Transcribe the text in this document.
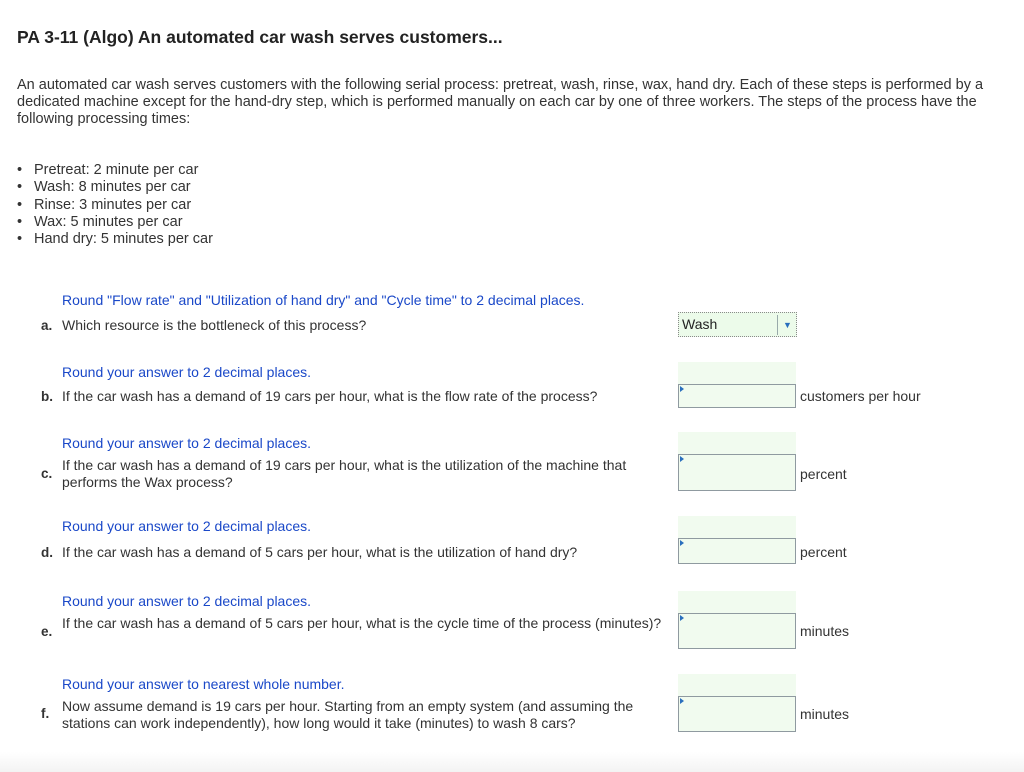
PA 3-11 (Algo) An automated car wash serves customers...
An automated car wash serves customers with the following serial process: pretreat, wash, rinse, wax, hand dry. Each of these steps is performed by a dedicated machine except for the hand-dry step, which is performed manually on each car by one of three workers. The steps of the process have the following processing times:
• Pretreat: 2 minute per car
• Wash: 8 minutes per car
• Rinse: 3 minutes per car
• Wax: 5 minutes per car
• Hand dry: 5 minutes per car
Round "Flow rate" and "Utilization of hand dry" and "Cycle time" to 2 decimal places.
a. Which resource is the bottleneck of this process?	Wash	▼
Round your answer to 2 decimal places.
b. If the car wash has a demand of 19 cars per hour, what is the flow rate of the process?	customers per hour
Round your answer to 2 decimal places.
c.
If the car wash has a demand of 19 cars per hour, what is the utilization of the machine that performs the Wax process?	percent
Round your answer to 2 decimal places.
d. If the car wash has a demand of 5 cars per hour, what is the utilization of hand dry?	percent
Round your answer to 2 decimal places.
e.
If the car wash has a demand of 5 cars per hour, what is the cycle time of the process (minutes)?	minutes
Round your answer to nearest whole number.
f. Now assume demand is 19 cars per hour. Starting from an empty system (and assuming the stations can work independently), how long would it take (minutes) to wash 8 cars?
minutes
